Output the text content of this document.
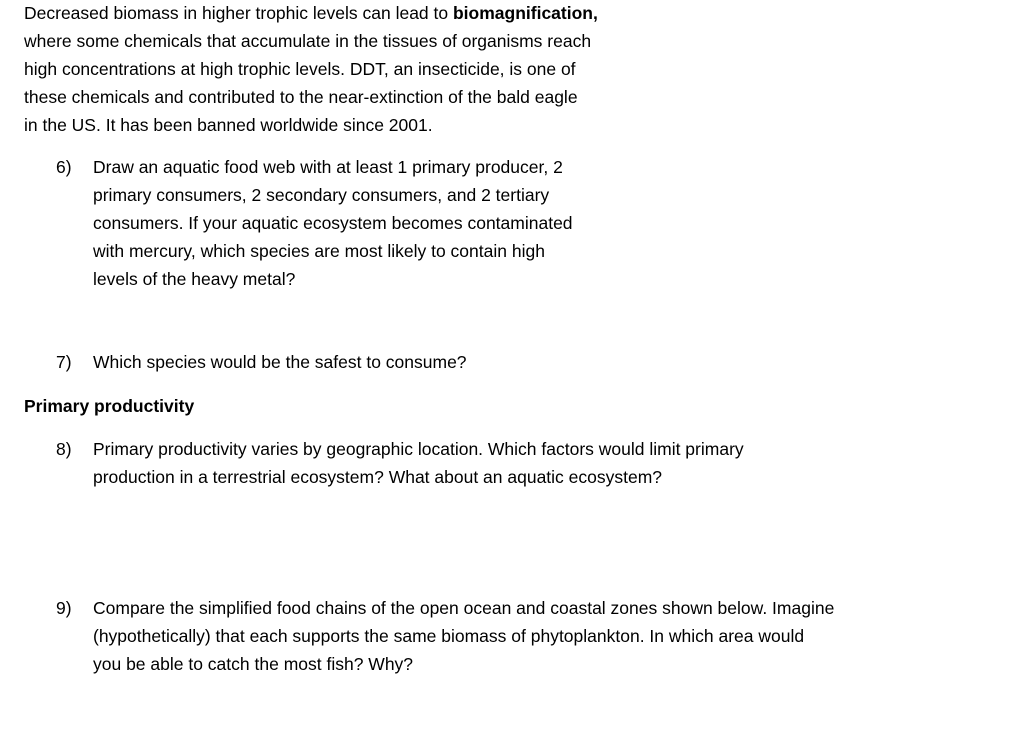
Decreased biomass in higher trophic levels can lead to biomagnification,

where some chemicals that accumulate in the tissues of organisms reach

high concentrations at high trophic levels. DDT, an insecticide, is one of

these chemicals and contributed to the near-extinction of the bald eagle

in the US. It has been banned worldwide since 2001.

6)	Draw an aquatic food web with at least 1 primary producer, 2
primary consumers, 2 secondary consumers, and 2 tertiary
consumers. If your aquatic ecosystem becomes contaminated
with mercury, which species are most likely to contain high
levels of the heavy metal?
7)	Which species would be the safest to consume?
Primary productivity
8)	Primary productivity varies by geographic location. Which factors would limit primary
production in a terrestrial ecosystem? What about an aquatic ecosystem?
9)	Compare the simplified food chains of the open ocean and coastal zones shown below. Imagine
(hypothetically) that each supports the same biomass of phytoplankton. In which area would
you be able to catch the most fish? Why?
